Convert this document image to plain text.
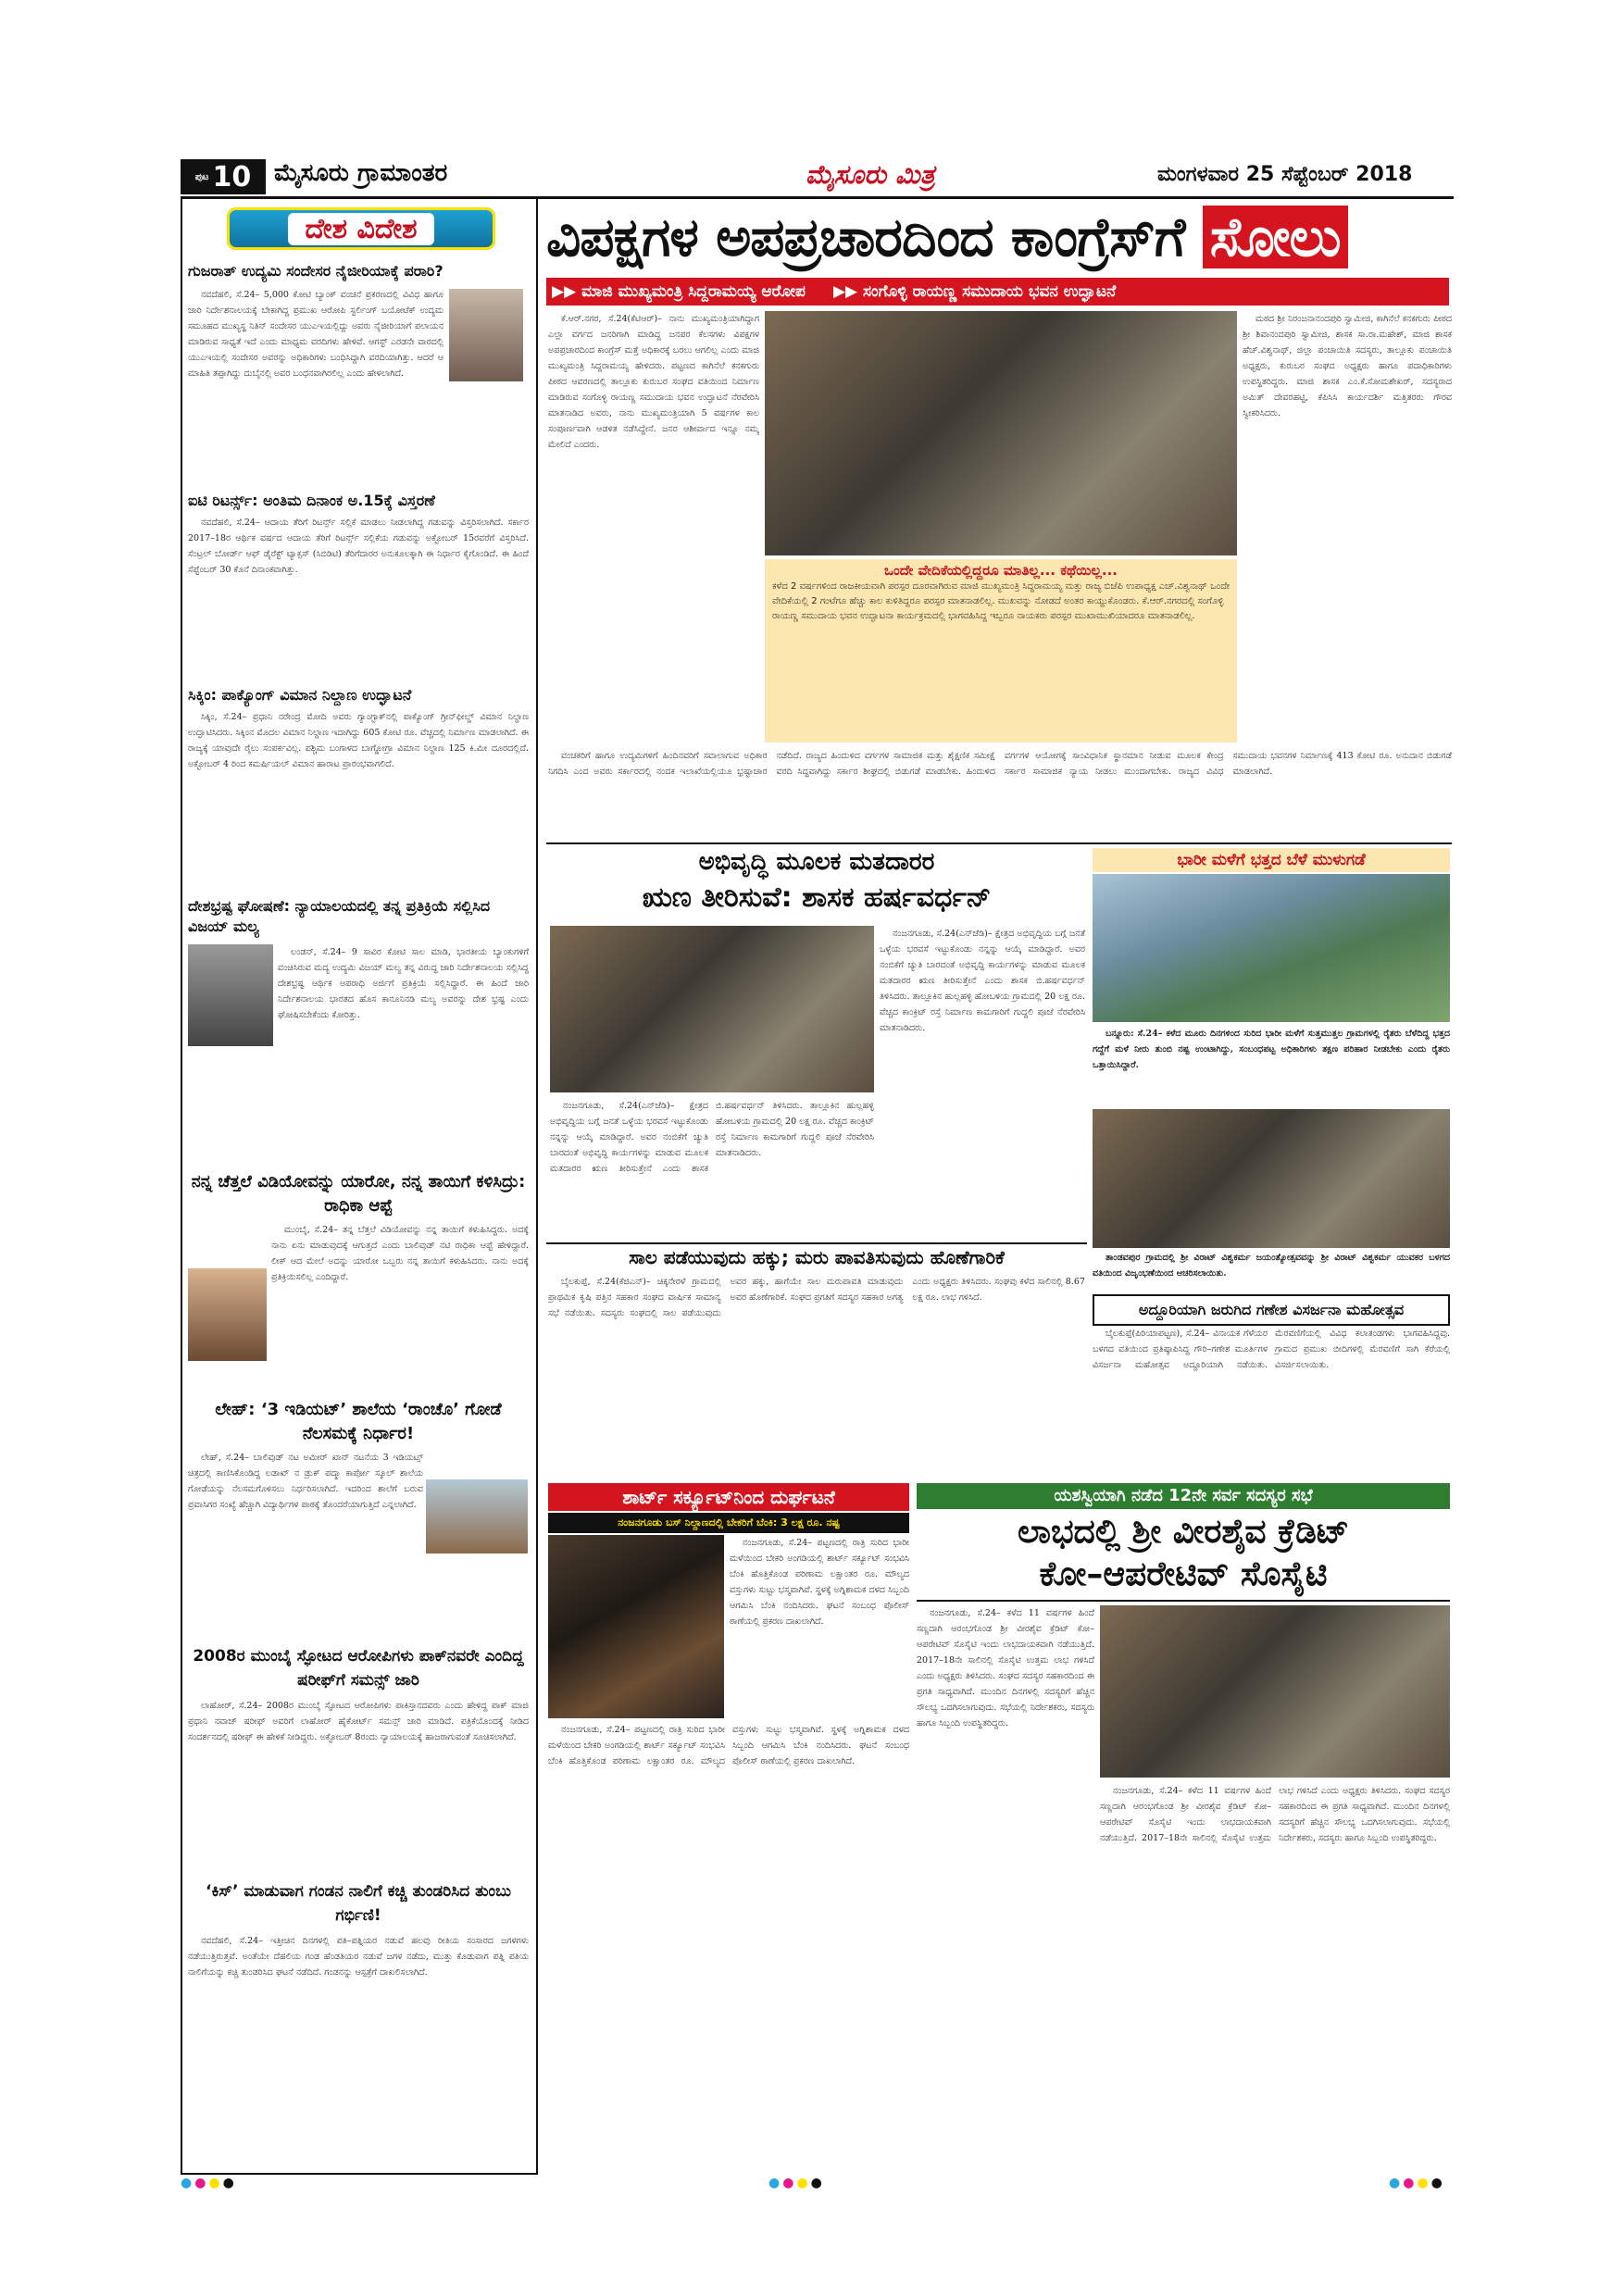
ಪುಟ 10 ಮೈಸೂರು ಗ್ರಾಮಾಂತರ	ಮೈಸೂರು ಮಿತ್ರ	ಮಂಗಳವಾರ 25 ಸೆಪ್ಟೆಂಬರ್ 2018
ದೇಶ ವಿದೇಶ
ಗುಜರಾತ್ ಉದ್ಯಮಿ ಸಂದೇಸರ ನೈಜೀರಿಯಾಕ್ಕೆ ಪರಾರಿ?

ನವದೆಹಲಿ, ಸೆ.24– 5,000 ಕೋಟಿ ಬ್ಯಾಂಕ್ ವಂಚನೆ ಪ್ರಕರಣದಲ್ಲಿ ವಿವಿಧ ಹಾಗೂ ಜಾರಿ ನಿರ್ದೇಶನಾಲಯಕ್ಕೆ ಬೇಕಾಗಿದ್ದ ಪ್ರಮುಖ ಆರೋಪಿ ಸ್ಟರ್ಲಿಂಗ್ ಬಯೋಟೆಕ್ ಉದ್ಯಮ ಸಮೂಹದ ಮುಖ್ಯಸ್ಥ ನಿತಿನ್ ಸಂದೇಸರ ಯುಎಇಯಲ್ಲಿದ್ದು ಅವರು ನೈಜೀರಿಯಾಗೆ ಪಲಾಯನ ಮಾಡಿರುವ ಸಾಧ್ಯತೆ ಇದೆ ಎಂದು ಮಾಧ್ಯಮ ವರದಿಗಳು ಹೇಳಿವೆ. ಆಗಸ್ಟ್ ಎರಡನೇ ವಾರದಲ್ಲಿ ಯುಎಇಯಲ್ಲಿ ಸಂದೇಸರ ಅವರನ್ನು ಅಧಿಕಾರಿಗಳು ಬಂಧಿಸಿದ್ದಾಗಿ ವರದಿಯಾಗಿತ್ತು. ಆದರೆ ಆ ಮಾಹಿತಿ ತಪ್ಪಾಗಿದ್ದು ದುಬೈನಲ್ಲಿ ಅವರ ಬಂಧನವಾಗಿರಲಿಲ್ಲ ಎಂದು ಹೇಳಲಾಗಿದೆ.

ಐಟಿ ರಿಟರ್ನ್ಸ್: ಅಂತಿಮ ದಿನಾಂಕ ಅ.15ಕ್ಕೆ ವಿಸ್ತರಣೆ

ನವದೆಹಲಿ, ಸೆ.24– ಆದಾಯ ತೆರಿಗೆ ರಿಟರ್ನ್ಸ್ ಸಲ್ಲಿಕೆ ಮಾಡಲು ನೀಡಲಾಗಿದ್ದ ಗಡುವನ್ನು ವಿಸ್ತರಿಸಲಾಗಿದೆ. ಸರ್ಕಾರ 2017–18ರ ಆರ್ಥಿಕ ವರ್ಷದ ಆದಾಯ ತೆರಿಗೆ ರಿಟರ್ನ್ಸ್ ಸಲ್ಲಿಕೆಯ ಗಡುವನ್ನು ಅಕ್ಟೋಬರ್ 15ರವರೆಗೆ ವಿಸ್ತರಿಸಿದೆ. ಸೆಂಟ್ರಲ್ ಬೋರ್ಡ್ ಆಫ್ ಡೈರೆಕ್ಟ್ ಟ್ಯಾಕ್ಸಸ್ (ಸಿಬಿಡಿಟಿ) ತೆರಿಗೆದಾರರ ಅನುಕೂಲಕ್ಕಾಗಿ ಈ ನಿರ್ಧಾರ ಕೈಗೊಂಡಿದೆ. ಈ ಹಿಂದೆ ಸೆಪ್ಟೆಂಬರ್ 30 ಕೊನೆ ದಿನಾಂಕವಾಗಿತ್ತು.

ಸಿಕ್ಕಿಂ: ಪಾಕ್ಯೊಂಗ್ ವಿಮಾನ ನಿಲ್ದಾಣ ಉದ್ಘಾಟನೆ

ಸಿಕ್ಕಿಂ, ಸೆ.24– ಪ್ರಧಾನಿ ನರೇಂದ್ರ ಮೋದಿ ಅವರು ಗ್ಯಾಂಗ್ಟಾಕ್‌ನಲ್ಲಿ ಪಾಕ್ಯೊಂಗ್ ಗ್ರೀನ್‌ಫೀಲ್ಡ್ ವಿಮಾನ ನಿಲ್ದಾಣ ಉದ್ಘಾಟಿಸಿದರು. ಸಿಕ್ಕಿಂನ ಮೊದಲ ವಿಮಾನ ನಿಲ್ದಾಣ ಇದಾಗಿದ್ದು 605 ಕೋಟಿ ರೂ. ವೆಚ್ಚದಲ್ಲಿ ನಿರ್ಮಾಣ ಮಾಡಲಾಗಿದೆ. ಈ ರಾಜ್ಯಕ್ಕೆ ಯಾವುದೇ ರೈಲು ಸಂಪರ್ಕವಿಲ್ಲ. ಪಶ್ಚಿಮ ಬಂಗಾಳದ ಬಾಗ್ಡೋಗ್ರಾ ವಿಮಾನ ನಿಲ್ದಾಣ 125 ಕಿ.ಮೀ ದೂರದಲ್ಲಿದೆ. ಅಕ್ಟೋಬರ್ 4 ರಿಂದ ಕಮರ್ಷಿಯಲ್ ವಿಮಾನ ಹಾರಾಟ ಪ್ರಾರಂಭವಾಗಲಿದೆ.

ದೇಶಭ್ರಷ್ಟ ಘೋಷಣೆ: ನ್ಯಾಯಾಲಯದಲ್ಲಿ ತನ್ನ ಪ್ರತಿಕ್ರಿಯೆ ಸಲ್ಲಿಸಿದ ವಿಜಯ್ ಮಲ್ಯ

ಲಂಡನ್, ಸೆ.24– 9 ಸಾವಿರ ಕೋಟಿ ಸಾಲ ಮಾಡಿ, ಭಾರತೀಯ ಬ್ಯಾಂಕುಗಳಿಗೆ ವಂಚಿಸಿರುವ ಮದ್ಯ ಉದ್ಯಮಿ ವಿಜಯ್ ಮಲ್ಯ ತನ್ನ ವಿರುದ್ಧ ಜಾರಿ ನಿರ್ದೇಶನಾಲಯ ಸಲ್ಲಿಸಿದ್ದ ದೇಶಭ್ರಷ್ಟ ಆರ್ಥಿಕ ಅಪರಾಧಿ ಅರ್ಜಿಗೆ ಪ್ರತಿಕ್ರಿಯೆ ಸಲ್ಲಿಸಿದ್ದಾರೆ. ಈ ಹಿಂದೆ ಜಾರಿ ನಿರ್ದೇಶನಾಲಯ ಭಾರತದ ಹೊಸ ಕಾನೂನಿನಡಿ ಮಲ್ಯ ಅವರನ್ನು ದೇಶ ಭ್ರಷ್ಟ ಎಂದು ಘೋಷಿಸಬೇಕೆಂದು ಕೋರಿತ್ತು.

ನನ್ನ ಚೆತ್ತಲೆ ವಿಡಿಯೋವನ್ನು ಯಾರೋ, ನನ್ನ ತಾಯಿಗೆ ಕಳಿಸಿದ್ರು: ರಾಧಿಕಾ ಆಪ್ಟೆ

ಮುಂಬೈ, ಸೆ.24– ತನ್ನ ಬೆತ್ತಲೆ ವಿಡಿಯೋವನ್ನು ನನ್ನ ತಾಯಿಗೆ ಕಳುಹಿಸಿದ್ದರು. ಅದಕ್ಕೆ ನಾನು ಏನು ಮಾಡುವುದಕ್ಕೆ ಆಗುತ್ತದೆ ಎಂದು ಬಾಲಿವುಡ್ ನಟಿ ರಾಧಿಕಾ ಆಪ್ಟೆ ಹೇಳಿದ್ದಾರೆ. ಲೀಕ್ ಆದ ಮೇಲೆ ಅದನ್ನು ಯಾರೋ ಒಬ್ಬರು ನನ್ನ ತಾಯಿಗೆ ಕಳುಹಿಸಿದರು. ನಾನು ಅದಕ್ಕೆ ಪ್ರತಿಕ್ರಿಯಿಸಲಿಲ್ಲ ಎಂದಿದ್ದಾರೆ.

ಲೇಹ್: ‘3 ಇಡಿಯಟ್’ ಶಾಲೆಯ ‘ರಾಂಚೊ’ ಗೋಡೆ ನೆಲಸಮಕ್ಕೆ ನಿರ್ಧಾರ!

ಲೇಹ್, ಸೆ.24– ಬಾಲಿವುಡ್ ನಟ ಅಮೀರ್ ಖಾನ್ ನಟನೆಯ 3 ಇಡಿಯಟ್ಸ್ ಚಿತ್ರದಲ್ಲಿ ಕಾಣಿಸಿಕೊಂಡಿದ್ದ ಲಡಾಖ್ ನ ಡ್ರುಕ್ ಪದ್ಮಾ ಕಾರ್ಪೋ ಸ್ಕೂಲ್ ಶಾಲೆಯ ಗೋಡೆಯನ್ನು ನೆಲಸಮಗೊಳಿಸಲು ನಿರ್ಧರಿಸಲಾಗಿದೆ. ಇದರಿಂದ ಶಾಲೆಗೆ ಬರುವ ಪ್ರವಾಸಿಗರ ಸಂಖ್ಯೆ ಹೆಚ್ಚಾಗಿ ವಿದ್ಯಾರ್ಥಿಗಳ ಪಾಠಕ್ಕೆ ತೊಂದರೆಯಾಗುತ್ತಿದೆ ಎನ್ನಲಾಗಿದೆ.

2008ರ ಮುಂಬೈ ಸ್ಫೋಟದ ಆರೋಪಿಗಳು ಪಾಕ್‌ನವರೇ ಎಂದಿದ್ದ ಷರೀಫ್‌ಗೆ ಸಮನ್ಸ್ ಜಾರಿ

ಲಾಹೋರ್, ಸೆ.24– 2008ರ ಮುಂಬೈ ಸ್ಫೋಟದ ಆರೋಪಿಗಳು ಪಾಕಿಸ್ತಾನದವರು ಎಂದು ಹೇಳಿದ್ದ ಪಾಕ್ ಮಾಜಿ ಪ್ರಧಾನಿ ನವಾಜ್ ಷರೀಫ್ ಅವರಿಗೆ ಲಾಹೋರ್ ಹೈಕೋರ್ಟ್ ಸಮನ್ಸ್ ಜಾರಿ ಮಾಡಿದೆ. ಪತ್ರಿಕೆಯೊಂದಕ್ಕೆ ನೀಡಿದ ಸಂದರ್ಶನದಲ್ಲಿ ಷರೀಫ್ ಈ ಹೇಳಿಕೆ ನೀಡಿದ್ದರು. ಅಕ್ಟೋಬರ್ 8ರಂದು ನ್ಯಾಯಾಲಯಕ್ಕೆ ಹಾಜರಾಗುವಂತೆ ಸೂಚಿಸಲಾಗಿದೆ.

‘ಕಿಸ್’ ಮಾಡುವಾಗ ಗಂಡನ ನಾಲಿಗೆ ಕಚ್ಚಿ ತುಂಡರಿಸಿದ ತುಂಬು ಗರ್ಭಿಣಿ!

ನವದೆಹಲಿ, ಸೆ.24– ಇತ್ತೀಚಿನ ದಿನಗಳಲ್ಲಿ ಪತಿ–ಪತ್ನಿಯರ ನಡುವೆ ಹಲವು ರೀತಿಯ ಸಂಸಾರದ ಜಗಳಗಳು ನಡೆಯುತ್ತಿರುತ್ತವೆ. ಅಂತೆಯೇ ದೆಹಲಿಯ ಗಂಡ ಹೆಂಡತಿಯರ ನಡುವೆ ಜಗಳ ನಡೆದು, ಮುತ್ತು ಕೊಡುವಾಗ ಪತ್ನಿ ಪತಿಯ ನಾಲಿಗೆಯನ್ನು ಕಚ್ಚಿ ತುಂಡರಿಸಿದ ಘಟನೆ ನಡೆದಿದೆ. ಗಂಡನನ್ನು ಆಸ್ಪತ್ರೆಗೆ ದಾಖಲಿಸಲಾಗಿದೆ.

ವಿಪಕ್ಷಗಳ ಅಪಪ್ರಚಾರದಿಂದ ಕಾಂಗ್ರೆಸ್‌ಗೆ ಸೋಲು
▶▶ ಮಾಜಿ ಮುಖ್ಯಮಂತ್ರಿ ಸಿದ್ದರಾಮಯ್ಯ ಆರೋಪ ▶▶ ಸಂಗೊಳ್ಳಿ ರಾಯಣ್ಣ ಸಮುದಾಯ ಭವನ ಉದ್ಘಾಟನೆ

ಕೆ.ಆರ್.ನಗರ, ಸೆ.24(ಕೆಟಿಆರ್)– ನಾನು ಮುಖ್ಯಮಂತ್ರಿಯಾಗಿದ್ದಾಗ ಎಲ್ಲಾ ವರ್ಗದ ಜನರಿಗಾಗಿ ಮಾಡಿದ್ದ ಜನಪರ ಕೆಲಸಗಳು ವಿಪಕ್ಷಗಳ ಅಪಪ್ರಚಾರದಿಂದ ಕಾಂಗ್ರೆಸ್ ಮತ್ತೆ ಅಧಿಕಾರಕ್ಕೆ ಬರಲು ಆಗಲಿಲ್ಲ ಎಂದು ಮಾಜಿ ಮುಖ್ಯಮಂತ್ರಿ ಸಿದ್ದರಾಮಯ್ಯ ಹೇಳಿದರು. ಪಟ್ಟಣದ ಕಾಗಿನೆಲೆ ಕನಕಗುರು ಪೀಠದ ಆವರಣದಲ್ಲಿ ತಾಲ್ಲೂಕು ಕುರುಬರ ಸಂಘದ ವತಿಯಿಂದ ನಿರ್ಮಾಣ ಮಾಡಿರುವ ಸಂಗೊಳ್ಳಿ ರಾಯಣ್ಣ ಸಮುದಾಯ ಭವನ ಉದ್ಘಾಟನೆ ನೆರವೇರಿಸಿ ಮಾತನಾಡಿದ ಅವರು, ನಾನು ಮುಖ್ಯಮಂತ್ರಿಯಾಗಿ 5 ವರ್ಷಗಳ ಕಾಲ ಸಂಪೂರ್ಣವಾಗಿ ಆಡಳಿತ ನಡೆಸಿದ್ದೇನೆ. ಜನರ ಆಶೀರ್ವಾದ ಇನ್ನೂ ನಮ್ಮ ಮೇಲಿದೆ ಎಂದರು.

ಮಠದ ಶ್ರೀ ನಿರಂಜನಾನಂದಪುರಿ ಸ್ವಾಮೀಜಿ, ಕಾಗಿನೆಲೆ ಕನಕಗುರು ಪೀಠದ ಶ್ರೀ ಶಿವಾನಂದಪುರಿ ಸ್ವಾಮೀಜಿ, ಶಾಸಕ ಸಾ.ರಾ.ಮಹೇಶ್, ಮಾಜಿ ಶಾಸಕ ಹೆಚ್.ವಿಶ್ವನಾಥ್, ಜಿಲ್ಲಾ ಪಂಚಾಯಿತಿ ಸದಸ್ಯರು, ತಾಲ್ಲೂಕು ಪಂಚಾಯಿತಿ ಅಧ್ಯಕ್ಷರು, ಕುರುಬರ ಸಂಘದ ಅಧ್ಯಕ್ಷರು ಹಾಗೂ ಪದಾಧಿಕಾರಿಗಳು ಉಪಸ್ಥಿತರಿದ್ದರು. ಮಾಜಿ ಶಾಸಕ ಎಂ.ಕೆ.ಸೋಮಶೇಖರ್, ಸದಸ್ಯರಾದ ಅಮಿತ್ ದೇವರಹಟ್ಟಿ, ಕೆಪಿಸಿಸಿ ಕಾರ್ಯದರ್ಶಿ ಮತ್ತಿತರರು ಗೌರವ ಸ್ವೀಕರಿಸಿದರು.

ಒಂದೇ ವೇದಿಕೆಯಲ್ಲಿದ್ದರೂ ಮಾತಿಲ್ಲ... ಕಥೆಯಿಲ್ಲ...
ಕಳೆದ 2 ವರ್ಷಗಳಿಂದ ರಾಜಕೀಯವಾಗಿ ಪರಸ್ಪರ ದೂರವಾಗಿರುವ ಮಾಜಿ ಮುಖ್ಯಮಂತ್ರಿ ಸಿದ್ದರಾಮಯ್ಯ ಮತ್ತು ರಾಜ್ಯ ಬಿಜೆಪಿ ಉಪಾಧ್ಯಕ್ಷ ಎಚ್.ವಿಶ್ವನಾಥ್ ಒಂದೇ ವೇದಿಕೆಯಲ್ಲಿ 2 ಗಂಟೆಗೂ ಹೆಚ್ಚು ಕಾಲ ಕುಳಿತಿದ್ದರೂ ಪರಸ್ಪರ ಮಾತನಾಡಲಿಲ್ಲ. ಮುಖವನ್ನು ನೋಡದೆ ಅಂತರ ಕಾಯ್ದುಕೊಂಡರು. ಕೆ.ಆರ್.ನಗರದಲ್ಲಿ ಸಂಗೊಳ್ಳಿ ರಾಯಣ್ಣ ಸಮುದಾಯ ಭವನ ಉದ್ಘಾಟನಾ ಕಾರ್ಯಕ್ರಮದಲ್ಲಿ ಭಾಗವಹಿಸಿದ್ದ ಇಬ್ಬರೂ ನಾಯಕರು ಪರಸ್ಪರ ಮುಖಾಮುಖಿಯಾದರೂ ಮಾತನಾಡಲಿಲ್ಲ.

ವಂಚಕರಿಗೆ ಹಾಗೂ ಉದ್ಯಮಿಗಳಿಗೆ ಹಿಂದಿನವರಿಗೆ ಸವಾಲಾಗುವ ಅಧಿಕಾರ ನಿಗದಿಸಿ ಎಂದ ಅವರು ಸರ್ಕಾರದಲ್ಲಿ ನಂದಕ ಇಲಾಖೆಯಲ್ಲಿಯೂ ಭ್ರಷ್ಟಾಚಾರ ನಡೆದಿದೆ. ರಾಜ್ಯದ ಹಿಂದುಳಿದ ವರ್ಗಗಳ ಸಾಮಾಜಿಕ ಮತ್ತು ಶೈಕ್ಷಣಿಕ ಸಮೀಕ್ಷೆ ವರದಿ ಸಿದ್ಧವಾಗಿದ್ದು ಸರ್ಕಾರ ಶೀಘ್ರದಲ್ಲಿ ಬಿಡುಗಡೆ ಮಾಡಬೇಕು. ಹಿಂದುಳಿದ ವರ್ಗಗಳ ಆಯೋಗಕ್ಕೆ ಸಾಂವಿಧಾನಿಕ ಸ್ಥಾನಮಾನ ನೀಡುವ ಮೂಲಕ ಕೇಂದ್ರ ಸರ್ಕಾರ ಸಾಮಾಜಿಕ ನ್ಯಾಯ ನೀಡಲು ಮುಂದಾಗಬೇಕು. ರಾಜ್ಯದ ವಿವಿಧ ಸಮುದಾಯ ಭವನಗಳ ನಿರ್ಮಾಣಕ್ಕೆ 413 ಕೋಟಿ ರೂ. ಅನುದಾನ ಬಿಡುಗಡೆ ಮಾಡಲಾಗಿದೆ.

ಅಭಿವೃದ್ಧಿ ಮೂಲಕ ಮತದಾರರ
ಋಣ ತೀರಿಸುವೆ: ಶಾಸಕ ಹರ್ಷವರ್ಧನ್

ನಂಜನಗೂಡು, ಸೆ.24(ಎನ್‌ಜೆಡಿ)– ಕ್ಷೇತ್ರದ ಅಭಿವೃದ್ಧಿಯ ಬಗ್ಗೆ ಜನತೆ ಒಳ್ಳೆಯ ಭರವಸೆ ಇಟ್ಟುಕೊಂಡು ನನ್ನನ್ನು ಆಯ್ಕೆ ಮಾಡಿದ್ದಾರೆ. ಅವರ ನಂಬಿಕೆಗೆ ಚ್ಯುತಿ ಬಾರದಂತೆ ಅಭಿವೃದ್ಧಿ ಕಾರ್ಯಗಳನ್ನು ಮಾಡುವ ಮೂಲಕ ಮತದಾರರ ಋಣ ತೀರಿಸುತ್ತೇನೆ ಎಂದು ಶಾಸಕ ಬಿ.ಹರ್ಷವರ್ಧನ್ ತಿಳಿಸಿದರು. ತಾಲ್ಲೂಕಿನ ಹುಲ್ಲಹಳ್ಳಿ ಹೋಬಳಿಯ ಗ್ರಾಮದಲ್ಲಿ 20 ಲಕ್ಷ ರೂ. ವೆಚ್ಚದ ಕಾಂಕ್ರಿಟ್ ರಸ್ತೆ ನಿರ್ಮಾಣ ಕಾಮಗಾರಿಗೆ ಗುದ್ದಲಿ ಪೂಜೆ ನೆರವೇರಿಸಿ ಮಾತನಾಡಿದರು.

ನಂಜನಗೂಡು, ಸೆ.24(ಎನ್‌ಜೆಡಿ)– ಕ್ಷೇತ್ರದ ಅಭಿವೃದ್ಧಿಯ ಬಗ್ಗೆ ಜನತೆ ಒಳ್ಳೆಯ ಭರವಸೆ ಇಟ್ಟುಕೊಂಡು ನನ್ನನ್ನು ಆಯ್ಕೆ ಮಾಡಿದ್ದಾರೆ. ಅವರ ನಂಬಿಕೆಗೆ ಚ್ಯುತಿ ಬಾರದಂತೆ ಅಭಿವೃದ್ಧಿ ಕಾರ್ಯಗಳನ್ನು ಮಾಡುವ ಮೂಲಕ ಮತದಾರರ ಋಣ ತೀರಿಸುತ್ತೇನೆ ಎಂದು ಶಾಸಕ ಬಿ.ಹರ್ಷವರ್ಧನ್ ತಿಳಿಸಿದರು. ತಾಲ್ಲೂಕಿನ ಹುಲ್ಲಹಳ್ಳಿ ಹೋಬಳಿಯ ಗ್ರಾಮದಲ್ಲಿ 20 ಲಕ್ಷ ರೂ. ವೆಚ್ಚದ ಕಾಂಕ್ರಿಟ್ ರಸ್ತೆ ನಿರ್ಮಾಣ ಕಾಮಗಾರಿಗೆ ಗುದ್ದಲಿ ಪೂಜೆ ನೆರವೇರಿಸಿ ಮಾತನಾಡಿದರು.

ಭಾರೀ ಮಳೆಗೆ ಭತ್ತದ ಬೆಳೆ ಮುಳುಗಡೆ

ಬನ್ನೂರು: ಸೆ.24– ಕಳೆದ ಮೂರು ದಿನಗಳಿಂದ ಸುರಿದ ಭಾರೀ ಮಳೆಗೆ ಸುತ್ತಮುತ್ತಲ ಗ್ರಾಮಗಳಲ್ಲಿ ರೈತರು ಬೆಳೆದಿದ್ದ ಭತ್ತದ ಗದ್ದೆಗೆ ಮಳೆ ನೀರು ತುಂಬಿ ನಷ್ಟ ಉಂಟಾಗಿದ್ದು, ಸಂಬಂಧಪಟ್ಟ ಅಧಿಕಾರಿಗಳು ತಕ್ಷಣ ಪರಿಹಾರ ನೀಡಬೇಕು ಎಂದು ರೈತರು ಒತ್ತಾಯಿಸಿದ್ದಾರೆ.

ಸಾಲ ಪಡೆಯುವುದು ಹಕ್ಕು; ಮರು ಪಾವತಿಸುವುದು ಹೊಣೆಗಾರಿಕೆ

ಬೈಲಕುಪ್ಪೆ, ಸೆ.24(ಕೆಜಿಎನ್)– ಚಿಕ್ಕನೇರಳೆ ಗ್ರಾಮದಲ್ಲಿ ಪ್ರಾಥಮಿಕ ಕೃಷಿ ಪತ್ತಿನ ಸಹಕಾರ ಸಂಘದ ವಾರ್ಷಿಕ ಸಾಮಾನ್ಯ ಸಭೆ ನಡೆಯಿತು. ಸದಸ್ಯರು ಸಂಘದಲ್ಲಿ ಸಾಲ ಪಡೆಯುವುದು ಅವರ ಹಕ್ಕು, ಹಾಗೆಯೇ ಸಾಲ ಮರುಪಾವತಿ ಮಾಡುವುದು ಅವರ ಹೊಣೆಗಾರಿಕೆ. ಸಂಘದ ಪ್ರಗತಿಗೆ ಸದಸ್ಯರ ಸಹಕಾರ ಅಗತ್ಯ ಎಂದು ಅಧ್ಯಕ್ಷರು ತಿಳಿಸಿದರು. ಸಂಘವು ಕಳೆದ ಸಾಲಿನಲ್ಲಿ 8.67 ಲಕ್ಷ ರೂ. ಲಾಭ ಗಳಿಸಿದೆ.

ತಾಂಡವಪುರ ಗ್ರಾಮದಲ್ಲಿ ಶ್ರೀ ವಿರಾಟ್ ವಿಶ್ವಕರ್ಮ ಜಯಂತ್ಯೋತ್ಸವವನ್ನು ಶ್ರೀ ವಿರಾಟ್ ವಿಶ್ವಕರ್ಮ ಯುವಕರ ಬಳಗದ ವತಿಯಿಂದ ವಿಜೃಂಭಣೆಯಿಂದ ಆಚರಿಸಲಾಯಿತು.

ಅದ್ದೂರಿಯಾಗಿ ಜರುಗಿದ ಗಣೇಶ ವಿಸರ್ಜನಾ ಮಹೋತ್ಸವ

ಬೈಲಕುಪ್ಪೆ(ಪಿರಿಯಾಪಟ್ಟಣ), ಸೆ.24– ವಿನಾಯಕ ಗೆಳೆಯರ ಬಳಗದ ವತಿಯಿಂದ ಪ್ರತಿಷ್ಠಾಪಿಸಿದ್ದ ಗೌರಿ–ಗಣೇಶ ಮೂರ್ತಿಗಳ ವಿಸರ್ಜನಾ ಮಹೋತ್ಸವ ಅದ್ದೂರಿಯಾಗಿ ನಡೆಯಿತು. ಮೆರವಣಿಗೆಯಲ್ಲಿ ವಿವಿಧ ಕಲಾತಂಡಗಳು ಭಾಗವಹಿಸಿದ್ದವು. ಗ್ರಾಮದ ಪ್ರಮುಖ ಬೀದಿಗಳಲ್ಲಿ ಮೆರವಣಿಗೆ ಸಾಗಿ ಕೆರೆಯಲ್ಲಿ ವಿಸರ್ಜಿಸಲಾಯಿತು.

ಶಾರ್ಟ್ ಸರ್ಕ್ಯೂಟ್‌ನಿಂದ ದುರ್ಘಟನೆ
ನಂಜನಗೂಡು ಬಸ್ ನಿಲ್ದಾಣದಲ್ಲಿ ಬೇಕರಿಗೆ ಬೆಂಕಿ: 3 ಲಕ್ಷ ರೂ. ನಷ್ಟ

ನಂಜನಗೂಡು, ಸೆ.24– ಪಟ್ಟಣದಲ್ಲಿ ರಾತ್ರಿ ಸುರಿದ ಭಾರೀ ಮಳೆಯಿಂದ ಬೇಕರಿ ಅಂಗಡಿಯಲ್ಲಿ ಶಾರ್ಟ್ ಸರ್ಕ್ಯೂಟ್ ಸಂಭವಿಸಿ ಬೆಂಕಿ ಹೊತ್ತಿಕೊಂಡ ಪರಿಣಾಮ ಲಕ್ಷಾಂತರ ರೂ. ಮೌಲ್ಯದ ವಸ್ತುಗಳು ಸುಟ್ಟು ಭಸ್ಮವಾಗಿವೆ. ಸ್ಥಳಕ್ಕೆ ಅಗ್ನಿಶಾಮಕ ದಳದ ಸಿಬ್ಬಂದಿ ಆಗಮಿಸಿ ಬೆಂಕಿ ನಂದಿಸಿದರು. ಘಟನೆ ಸಂಬಂಧ ಪೊಲೀಸ್ ಠಾಣೆಯಲ್ಲಿ ಪ್ರಕರಣ ದಾಖಲಾಗಿದೆ.

ನಂಜನಗೂಡು, ಸೆ.24– ಪಟ್ಟಣದಲ್ಲಿ ರಾತ್ರಿ ಸುರಿದ ಭಾರೀ ಮಳೆಯಿಂದ ಬೇಕರಿ ಅಂಗಡಿಯಲ್ಲಿ ಶಾರ್ಟ್ ಸರ್ಕ್ಯೂಟ್ ಸಂಭವಿಸಿ ಬೆಂಕಿ ಹೊತ್ತಿಕೊಂಡ ಪರಿಣಾಮ ಲಕ್ಷಾಂತರ ರೂ. ಮೌಲ್ಯದ ವಸ್ತುಗಳು ಸುಟ್ಟು ಭಸ್ಮವಾಗಿವೆ. ಸ್ಥಳಕ್ಕೆ ಅಗ್ನಿಶಾಮಕ ದಳದ ಸಿಬ್ಬಂದಿ ಆಗಮಿಸಿ ಬೆಂಕಿ ನಂದಿಸಿದರು. ಘಟನೆ ಸಂಬಂಧ ಪೊಲೀಸ್ ಠಾಣೆಯಲ್ಲಿ ಪ್ರಕರಣ ದಾಖಲಾಗಿದೆ.

ಯಶಸ್ವಿಯಾಗಿ ನಡೆದ 12ನೇ ಸರ್ವ ಸದಸ್ಯರ ಸಭೆ
ಲಾಭದಲ್ಲಿ ಶ್ರೀ ವೀರಶೈವ ಕ್ರೆಡಿಟ್
ಕೋ–ಆಪರೇಟಿವ್ ಸೊಸೈಟಿ

ನಂಜನಗೂಡು, ಸೆ.24– ಕಳೆದ 11 ವರ್ಷಗಳ ಹಿಂದೆ ಸಣ್ಣದಾಗಿ ಆರಂಭಗೊಂಡ ಶ್ರೀ ವೀರಶೈವ ಕ್ರೆಡಿಟ್ ಕೋ–ಆಪರೇಟಿವ್ ಸೊಸೈಟಿ ಇಂದು ಲಾಭದಾಯಕವಾಗಿ ನಡೆಯುತ್ತಿದೆ. 2017–18ನೇ ಸಾಲಿನಲ್ಲಿ ಸೊಸೈಟಿ ಉತ್ತಮ ಲಾಭ ಗಳಿಸಿದೆ ಎಂದು ಅಧ್ಯಕ್ಷರು ತಿಳಿಸಿದರು. ಸಂಘದ ಸದಸ್ಯರ ಸಹಕಾರದಿಂದ ಈ ಪ್ರಗತಿ ಸಾಧ್ಯವಾಗಿದೆ. ಮುಂದಿನ ದಿನಗಳಲ್ಲಿ ಸದಸ್ಯರಿಗೆ ಹೆಚ್ಚಿನ ಸೌಲಭ್ಯ ಒದಗಿಸಲಾಗುವುದು. ಸಭೆಯಲ್ಲಿ ನಿರ್ದೇಶಕರು, ಸದಸ್ಯರು ಹಾಗೂ ಸಿಬ್ಬಂದಿ ಉಪಸ್ಥಿತರಿದ್ದರು.

ನಂಜನಗೂಡು, ಸೆ.24– ಕಳೆದ 11 ವರ್ಷಗಳ ಹಿಂದೆ ಸಣ್ಣದಾಗಿ ಆರಂಭಗೊಂಡ ಶ್ರೀ ವೀರಶೈವ ಕ್ರೆಡಿಟ್ ಕೋ–ಆಪರೇಟಿವ್ ಸೊಸೈಟಿ ಇಂದು ಲಾಭದಾಯಕವಾಗಿ ನಡೆಯುತ್ತಿದೆ. 2017–18ನೇ ಸಾಲಿನಲ್ಲಿ ಸೊಸೈಟಿ ಉತ್ತಮ ಲಾಭ ಗಳಿಸಿದೆ ಎಂದು ಅಧ್ಯಕ್ಷರು ತಿಳಿಸಿದರು. ಸಂಘದ ಸದಸ್ಯರ ಸಹಕಾರದಿಂದ ಈ ಪ್ರಗತಿ ಸಾಧ್ಯವಾಗಿದೆ. ಮುಂದಿನ ದಿನಗಳಲ್ಲಿ ಸದಸ್ಯರಿಗೆ ಹೆಚ್ಚಿನ ಸೌಲಭ್ಯ ಒದಗಿಸಲಾಗುವುದು. ಸಭೆಯಲ್ಲಿ ನಿರ್ದೇಶಕರು, ಸದಸ್ಯರು ಹಾಗೂ ಸಿಬ್ಬಂದಿ ಉಪಸ್ಥಿತರಿದ್ದರು.

●●●●	●●●●	●●●●
